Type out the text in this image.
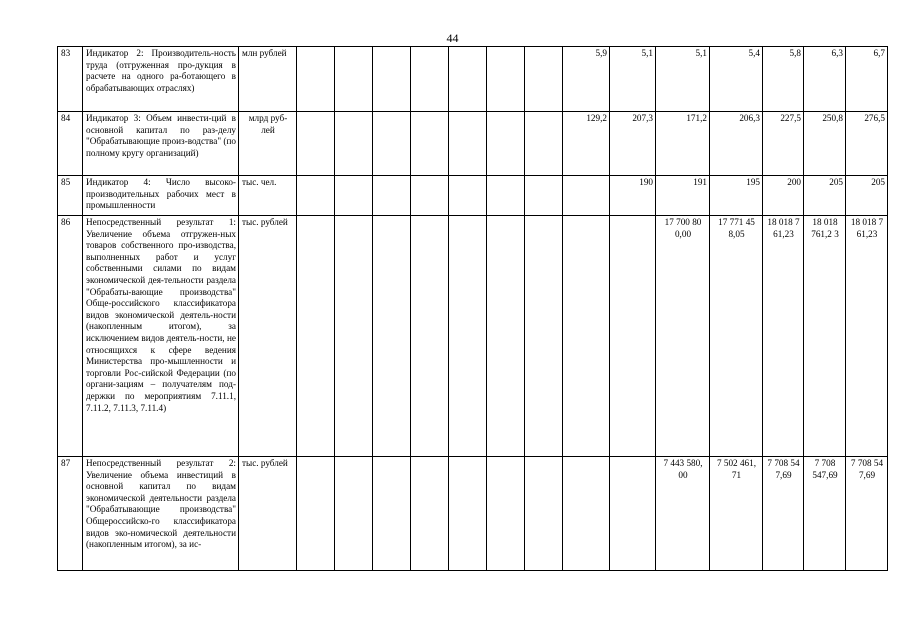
44
83	Индикатор 2: Производитель-ность труда (отгруженная про-дукция в расчете на одного ра-ботающего в обрабатывающих отраслях)	млн рублей								5,9	5,1	5,1	5,4	5,8	6,3	6,7
84	Индикатор 3: Объем инвести-ций в основной капитал по раз-делу "Обрабатывающие произ-водства" (по полному кругу организаций)	млрд руб-лей								129,2	207,3	171,2	206,3	227,5	250,8	276,5
85	Индикатор 4: Число высоко-производительных рабочих мест в промышленности	тыс. чел.									190	191	195	200	205	205
86	Непосредственный результат 1: Увеличение объема отгружен-ных товаров собственного про-изводства, выполненных работ и услуг собственными силами по видам экономической дея-тельности раздела "Обрабаты-вающие производства" Обще-российского классификатора видов экономической деятель-ности (накопленным итогом), за исключением видов деятель-ности, не относящихся к сфере ведения Министерства про-мышленности и торговли Рос-сийской Федерации (по органи-зациям – получателям под-держки по мероприятиям 7.11.1, 7.11.2, 7.11.3, 7.11.4)	тыс. рублей										17 700 80 0,00	17 771 45 8,05	18 018 7 61,23	18 018 761,2 3	18 018 7 61,23
87	Непосредственный результат 2: Увеличение объема инвестиций в основной капитал по видам экономической деятельности раздела "Обрабатывающие производства" Общероссийско-го классификатора видов эко-номической деятельности (накопленным итогом), за ис-	тыс. рублей										7 443 580, 00	7 502 461, 71	7 708 54 7,69	7 708 547,69	7 708 54 7,69
